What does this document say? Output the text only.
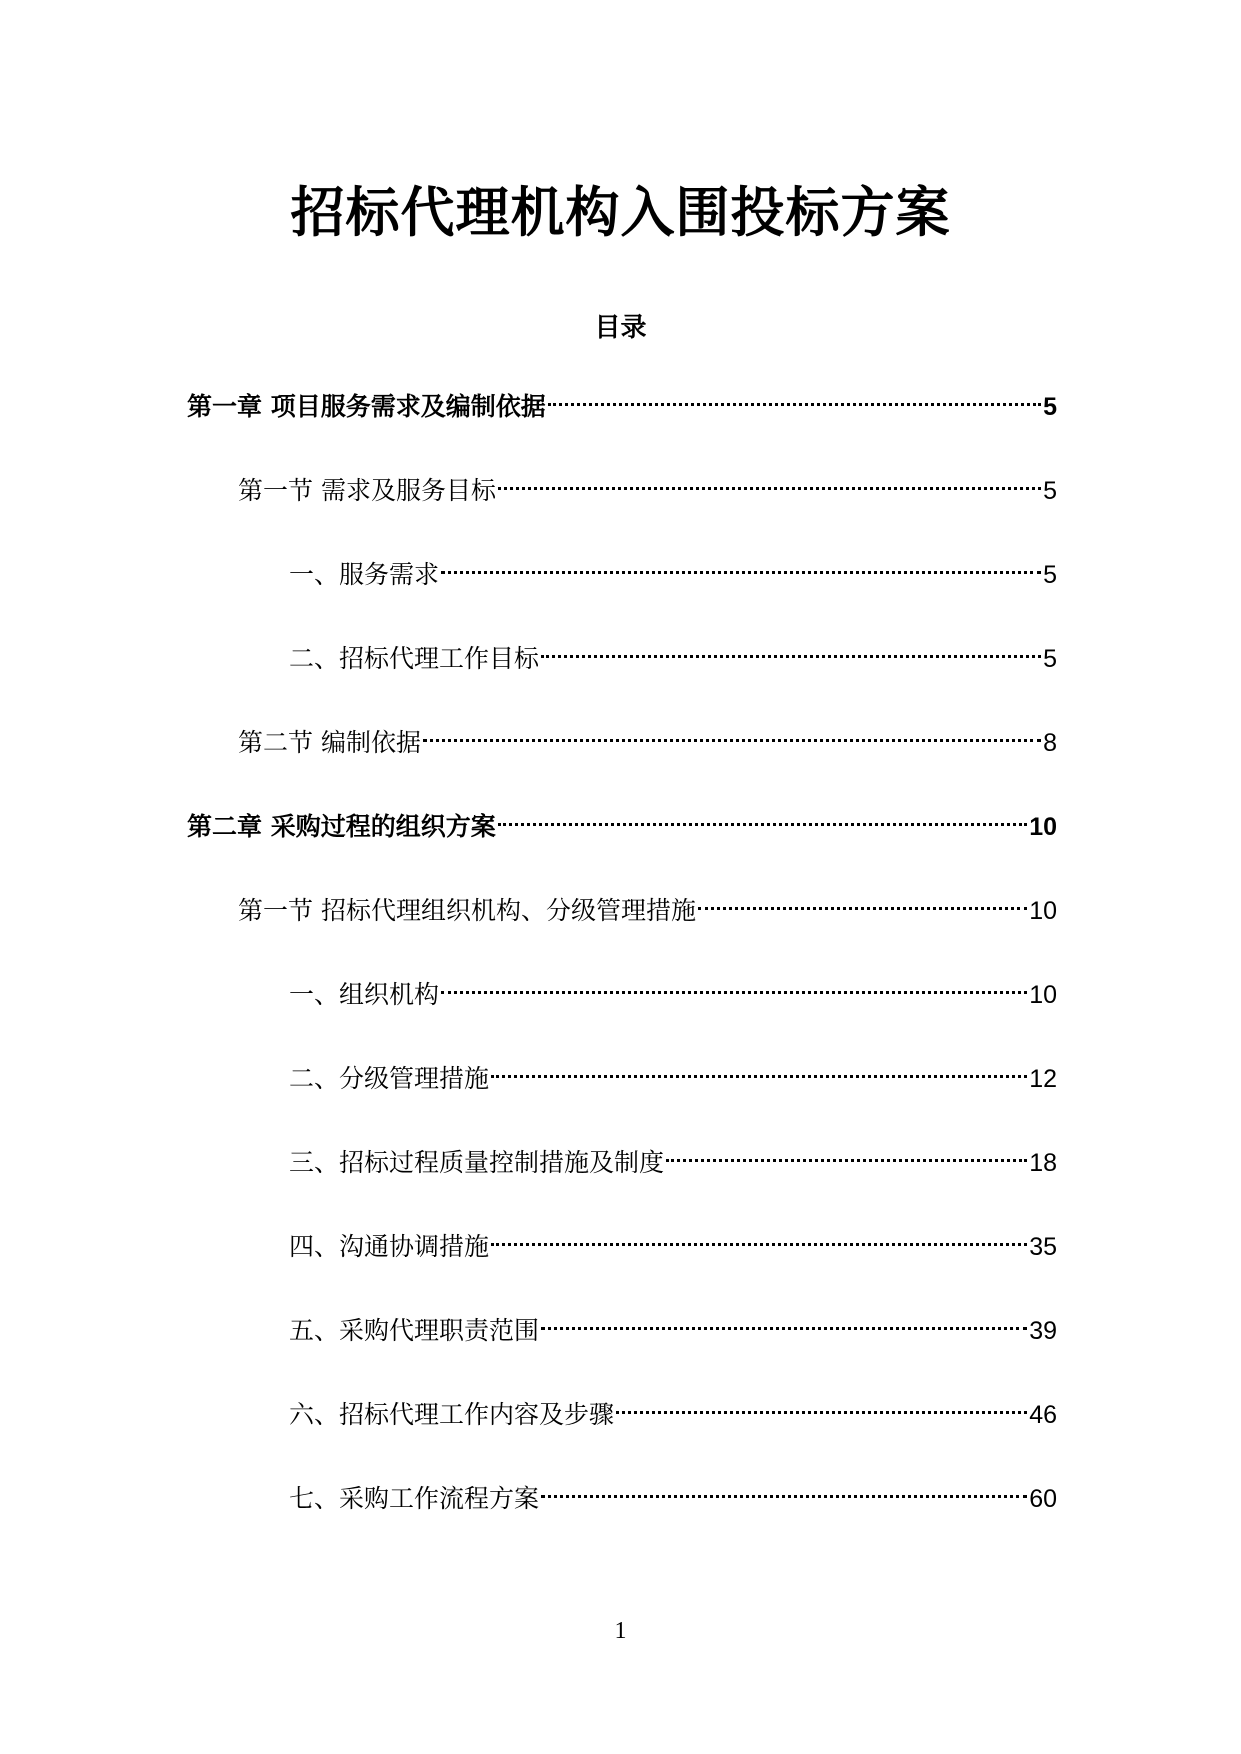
招标代理机构入围投标方案
目录
第一章 项目服务需求及编制依据	5
第一节 需求及服务目标	5
一、服务需求	5
二、招标代理工作目标	5
第二节 编制依据	8
第二章 采购过程的组织方案	10
第一节 招标代理组织机构、分级管理措施	10
一、组织机构	10
二、分级管理措施	12
三、招标过程质量控制措施及制度	18
四、沟通协调措施	35
五、采购代理职责范围	39
六、招标代理工作内容及步骤	46
七、采购工作流程方案	60
1
